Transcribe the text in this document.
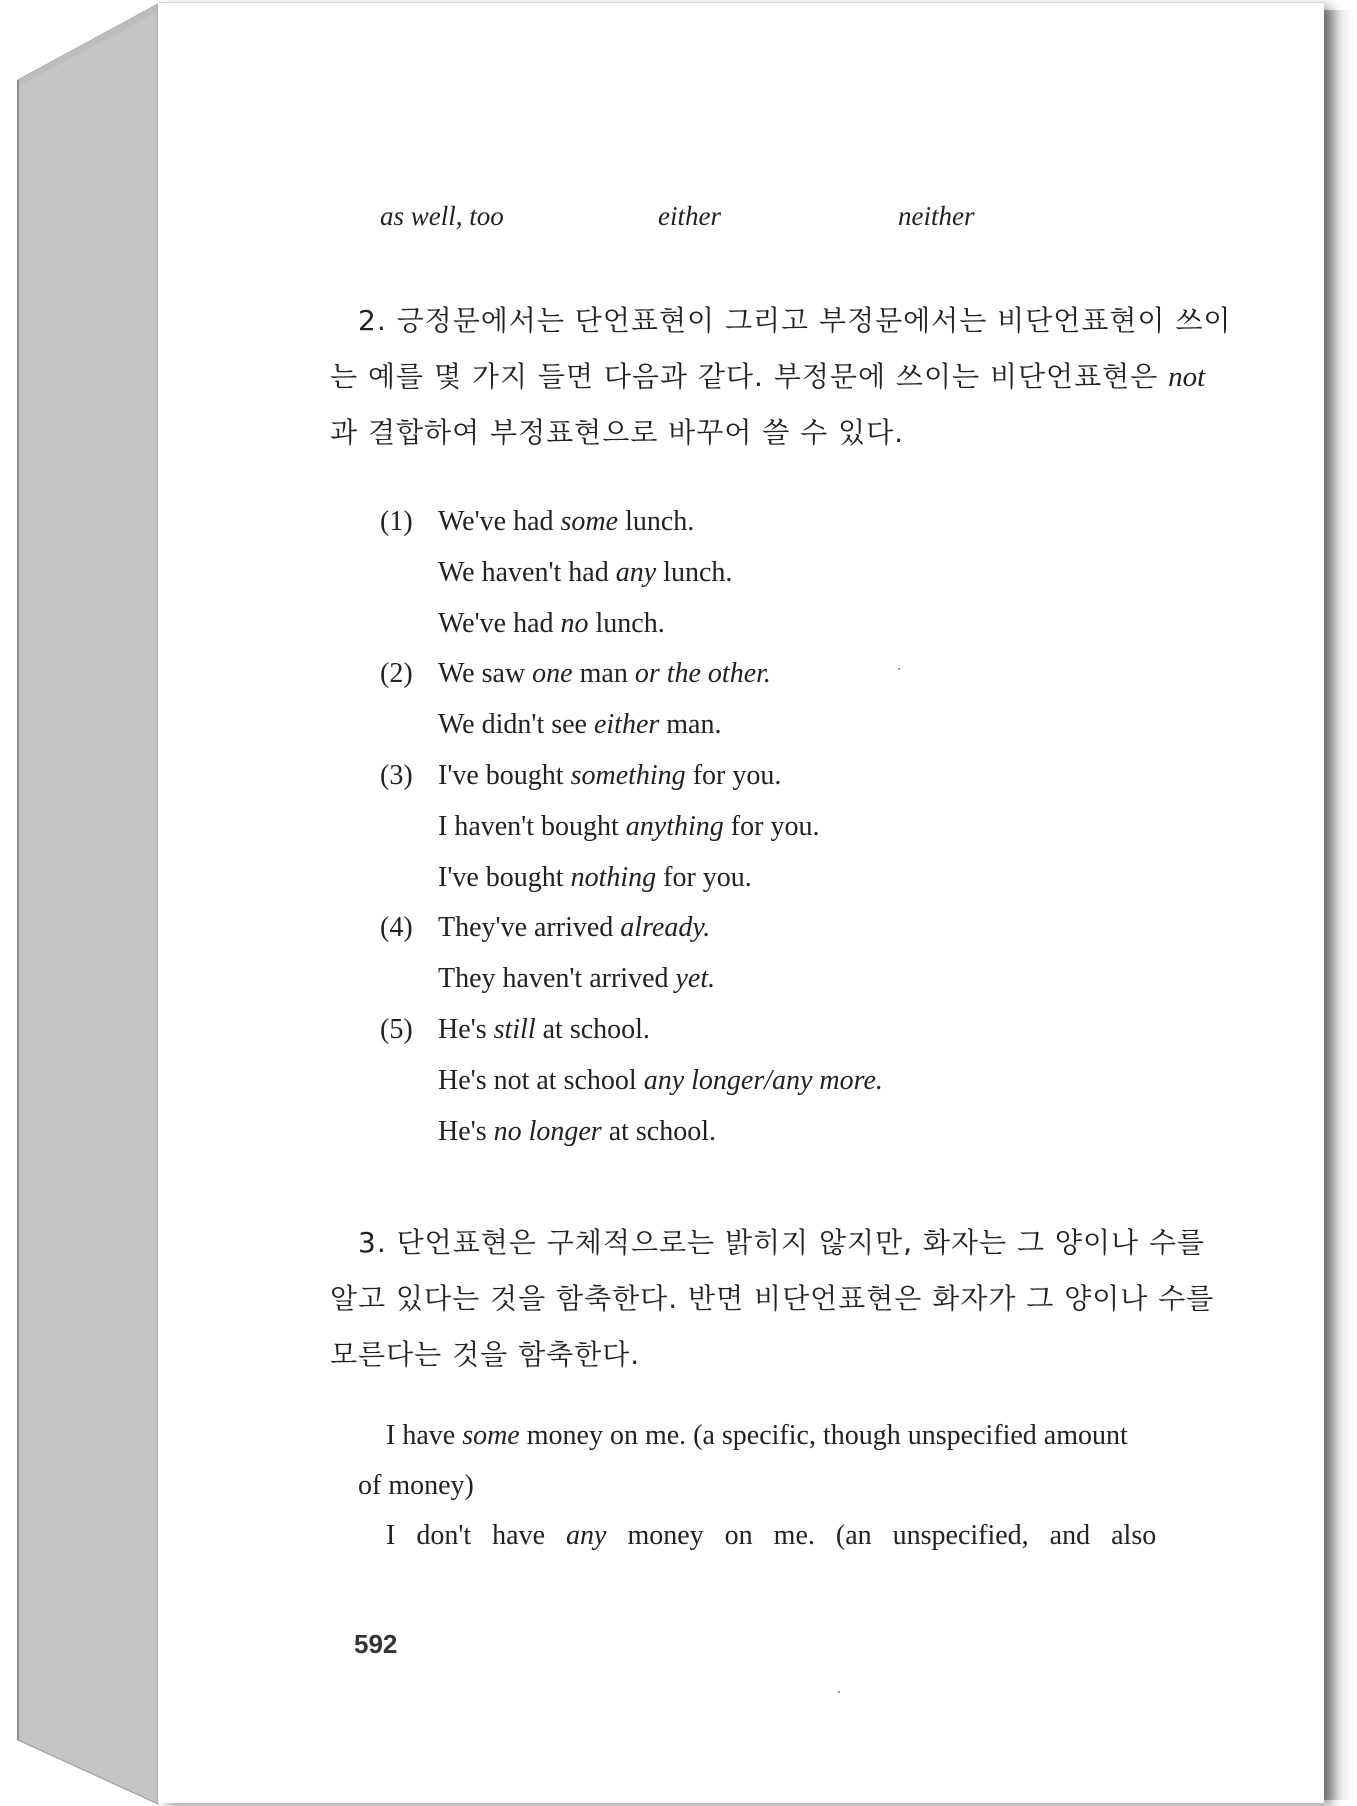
as well, too	either	neither
2. 긍정문에서는 단언표현이 그리고 부정문에서는 비단언표현이 쓰이
는 예를 몇 가지 들면 다음과 같다. 부정문에 쓰이는 비단언표현은 not
과 결합하여 부정표현으로 바꾸어 쓸 수 있다.
(1) We've had some lunch.
We haven't had any lunch.
We've had no lunch.
(2) We saw one man or the other.
We didn't see either man.
(3) I've bought something for you.
I haven't bought anything for you.
I've bought nothing for you.
(4) They've arrived already.
They haven't arrived yet.
(5) He's still at school.
He's not at school any longer/any more.
He's no longer at school.
3. 단언표현은 구체적으로는 밝히지 않지만, 화자는 그 양이나 수를
알고 있다는 것을 함축한다. 반면 비단언표현은 화자가 그 양이나 수를
모른다는 것을 함축한다.
I have some money on me. (a specific, though unspecified amount
of money)
I don't have any money on me. (an unspecified, and also
592
